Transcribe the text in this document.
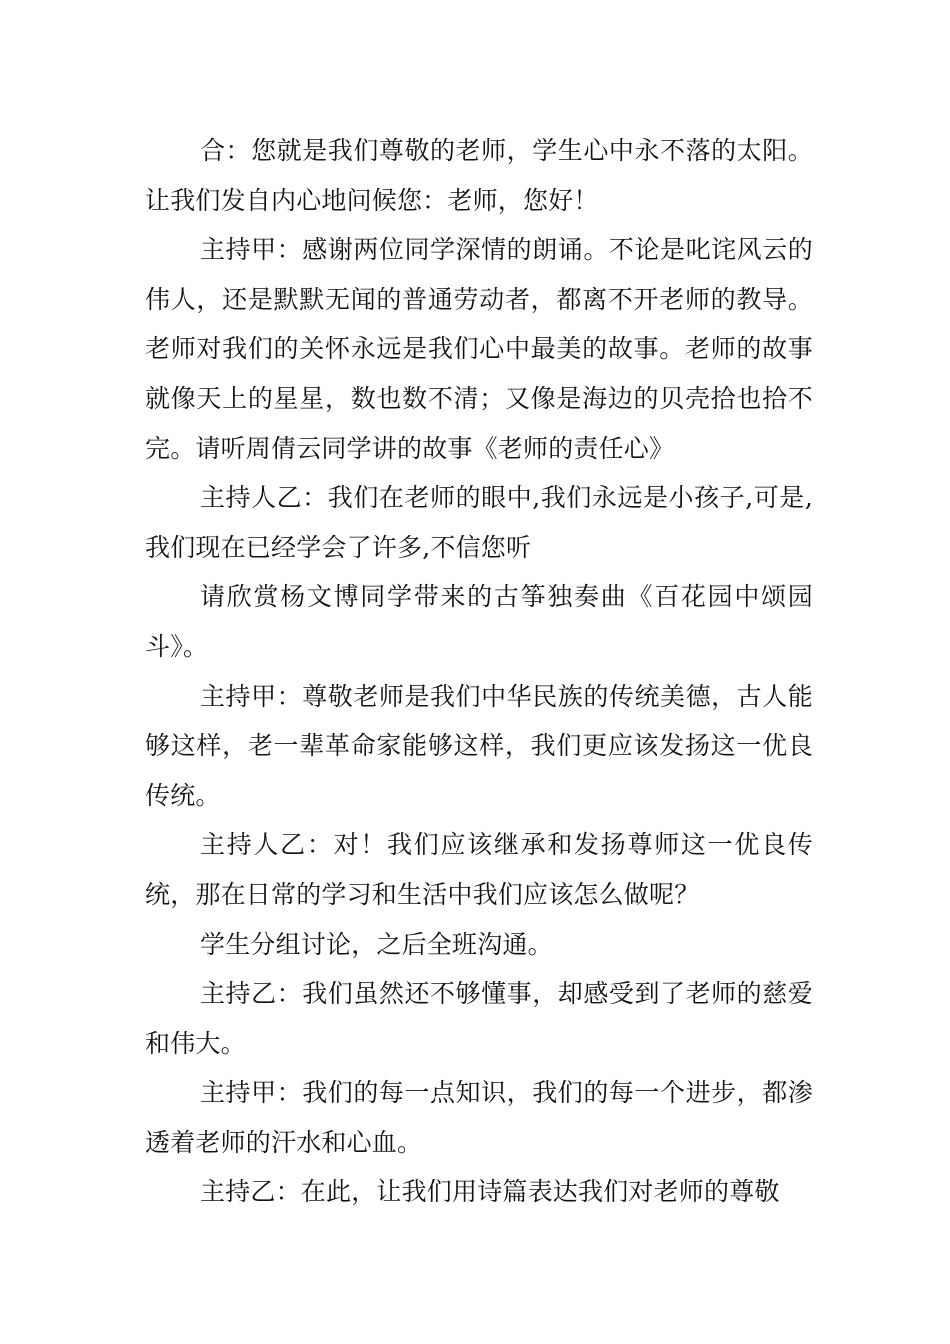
合：您就是我们尊敬的老师，学生心中永不落的太阳。让我们发自内心地问候您：老师，您好！

主持甲：感谢两位同学深情的朗诵。不论是叱诧风云的伟人，还是默默无闻的普通劳动者，都离不开老师的教导。老师对我们的关怀永远是我们心中最美的故事。老师的故事就像天上的星星，数也数不清；又像是海边的贝壳拾也拾不完。请听周倩云同学讲的故事《老师的责任心》

主持人乙：我们在老师的眼中,我们永远是小孩子,可是,我们现在已经学会了许多,不信您听

请欣赏杨文博同学带来的古筝独奏曲《百花园中颂园斗》。

主持甲：尊敬老师是我们中华民族的传统美德，古人能够这样，老一辈革命家能够这样，我们更应该发扬这一优良传统。

主持人乙：对！我们应该继承和发扬尊师这一优良传统，那在日常的学习和生活中我们应该怎么做呢？

学生分组讨论，之后全班沟通。

主持乙：我们虽然还不够懂事，却感受到了老师的慈爱和伟大。

主持甲：我们的每一点知识，我们的每一个进步，都渗透着老师的汗水和心血。

主持乙：在此，让我们用诗篇表达我们对老师的尊敬
